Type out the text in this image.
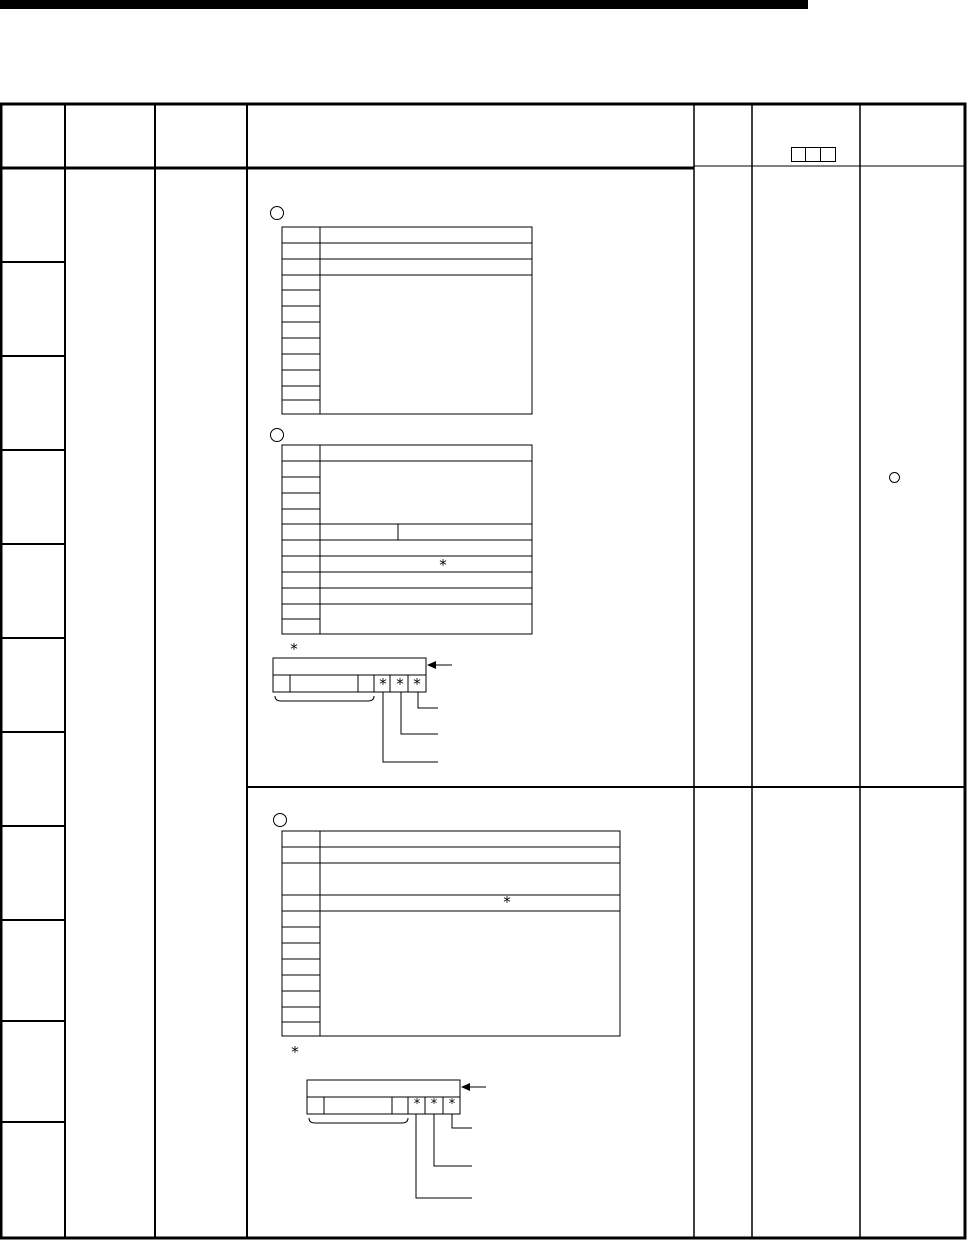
*
*
* * *
*
*
* * *
